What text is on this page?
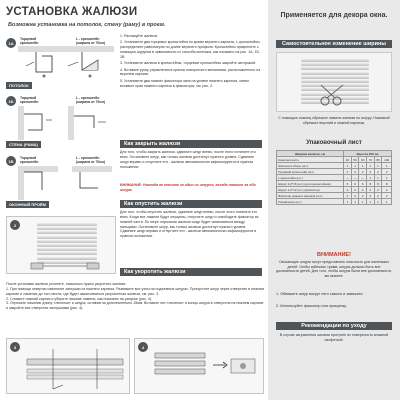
УСТАНОВКА ЖАЛЮЗИ
Возможна установка на потолок, стену (раму) в проем.
1А
Торцевой кронштейн
L - кронштейн (ширина от 70см)
ПОТОЛОК
1Б
Торцевой кронштейн
L - кронштейн (ширина от 70см)
СТЕНА (РАМА)
1В
Торцевой кронштейн
L - кронштейн (ширина от 70см)
ОКОННЫЙ ПРОЁМ
1. Распакуйте жалюзи.
2. Установите два торцевых кронштейна по краям верхнего карниза, L-кронштейны распределите равномерно по длине верхнего профиля. Кронштейны прикрепите с помощью шурупов в зависимости от способа монтажа, как показано на рис. 1А, 1Б, 1В.
3. Установите жалюзи в кронштейны, торцевые кронштейны закройте заглушкой.
4. Вставьте ручку управления в крючок поворотного механизма, расположенного на верхнем карнизе.
5. Установите два нижних фиксатора окна на уровне нижнего карниза, затем вставьте края нижнего карниза в фиксаторы, см. рис. 2.
Как закрыть жалюзи
Для того, чтобы закрыть жалюзи, сдвиньте шнур влево, после этого потяните его вниз. Остановите шнур, как только жалюзи достигнут нужного уровня. Сдвиньте шнур вправо и отпустите его - жалюзи автоматически зафиксируются в нужном положении.
ВНИМАНИЕ: Никогда не тяните за один из шнуров, всегда тяните за оба шнура.
Как опустить жалюзи
Для того, чтобы опустить жалюзи, сдвиньте шнур влево, после этого потяните его вниз. Когда все ламели будут опущены, отпустите шнур и освободите фиксатор из нижней части. По мере опускания жалюзи шнур будет сматываться между пальцами. Остановите шнур, как только жалюзи достигнут нужного уровня. Сдвиньте шнур вправо и отпустите его - жалюзи автоматически зафиксируются в нужном положении.
Как укоротить жалюзи
2
После установки жалюзи уточните, насколько нужно укоротить жалюзи:
1. При помощи отвертки извлеките заглушки из нижнего карниза. Развяжите все узлы на подъемных шнурах. Пропустите шнур через отверстие в нижнем карнизе и ламелях до того места, где будет заканчиваться укороченная жалюзи, см. рис. 3.
2. Снимите нижний карниз и уберите лишние ламели, как показано на рисунке (рис. 4).
3. Отрежьте лишнюю длину «лесенки» и шнура, оставив на дополнительно 15мм. Вставьте эти «лесенки» и концы шнура в отверстия на нижнем карнизе и закройте все отверстия заглушками (рис. 4).
3	4
Применяется для декора окна.
Самостоятельное изменение ширины
С помощью ножниц обрежьте ламели жалюзи по шнуру. Ножовкой обрежьте верхний и нижний карнизы.
Упаковочный лист
Ширина жалюзи, см	Высота 160 см					
Комплектность	40	50	60	70	80	100
Жалюзи в сборе (шт.)	1	1	1	1	1	1
Торцевой кронштейн (шт.)	2	2	2	2	2	2
L-кронштейн (шт.)	—	—	—	1	1	1
Шуруп 3,2*16 (шт.) (для кронштейнов)	6	6	6	8	8	8
Шуруп 3,2*12 (шт.) (фиксатор)	2	2	2	2	2	2
Фиксатор нижнего карниза (шт.)	2	2	2	2	2	2
Управление (шт.)	1	1	1	1	1	1
ВНИМАНИЕ!
Свисающие шнуры могут представлять опасность для маленьких детей. Чтобы избежать травм, шнуры должны быть вне досягаемости детей. Для того, чтобы шнуры были вне досягаемости, вы можете:
1. Обвяжите шнур вокруг него самого и завяжите.
2. Используйте фиксатор или прищепку.
Рекомендации по уходу
В случае загрязнения жалюзи протрите их поверхность влажной салфеткой.
